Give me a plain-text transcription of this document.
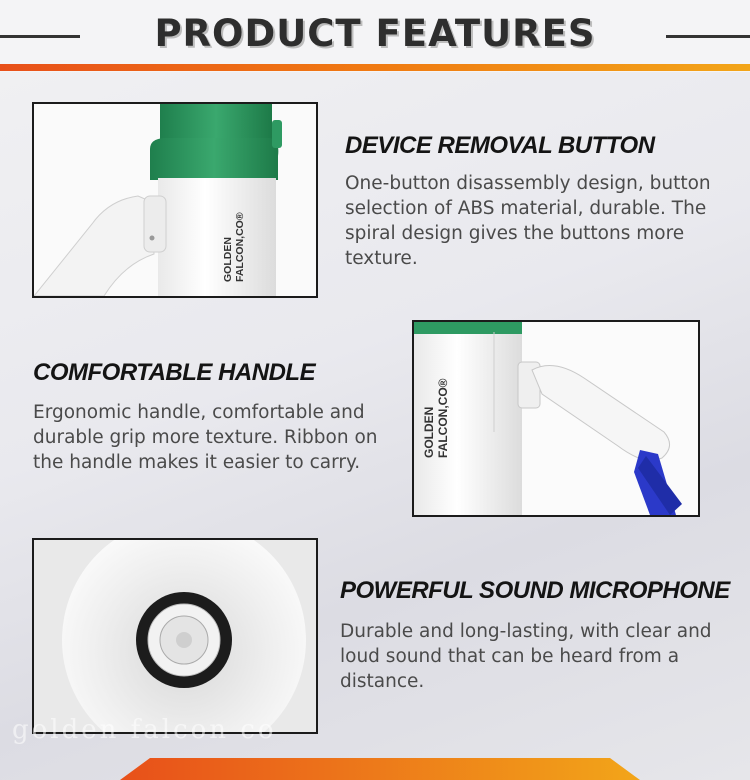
PRODUCT FEATURES
GOLDEN FALCON,CO®
DEVICE REMOVAL BUTTON
One-button disassembly design, button selection of ABS material, durable. The spiral design gives the buttons more texture.
COMFORTABLE HANDLE
Ergonomic handle, comfortable and durable grip more texture. Ribbon on the handle makes it easier to carry.
GOLDEN FALCON,CO®
POWERFUL SOUND MICROPHONE
Durable and long-lasting, with clear and loud sound that can be heard from a distance.
golden falcon co
